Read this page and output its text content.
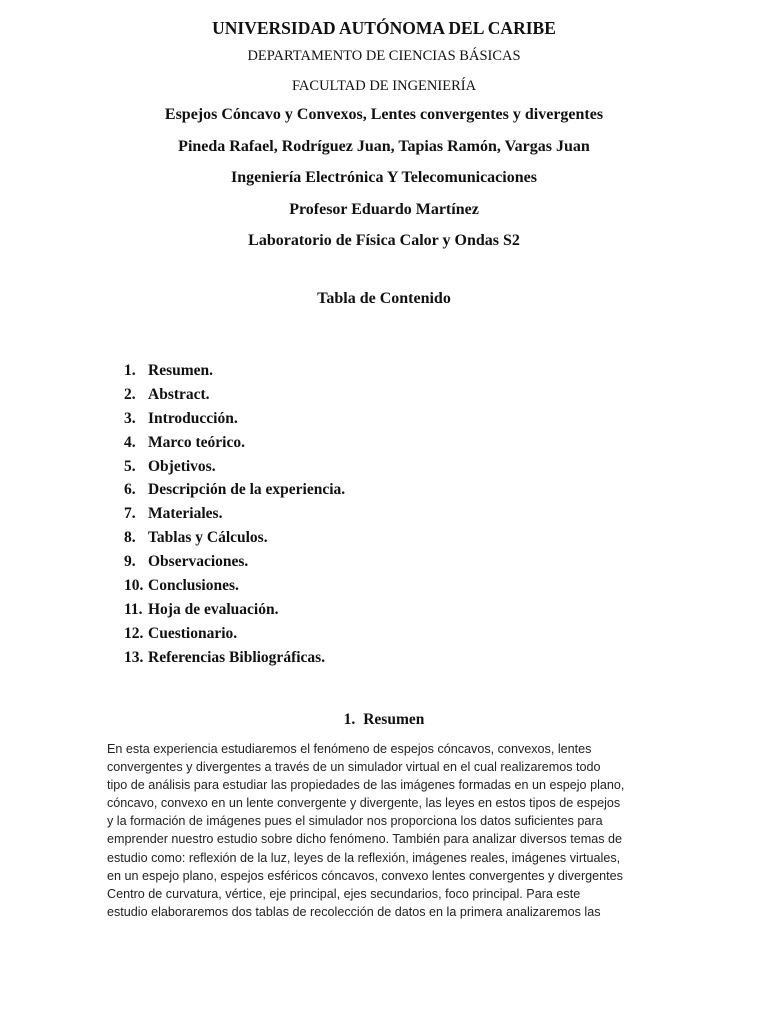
UNIVERSIDAD AUTÓNOMA DEL CARIBE
DEPARTAMENTO DE CIENCIAS BÁSICAS
FACULTAD DE INGENIERÍA
Espejos Cóncavo y Convexos, Lentes convergentes y divergentes
Pineda Rafael, Rodríguez Juan, Tapias Ramón, Vargas Juan
Ingeniería Electrónica Y Telecomunicaciones
Profesor Eduardo Martínez
Laboratorio de Física Calor y Ondas S2
Tabla de Contenido
1. Resumen.
2. Abstract.
3. Introducción.
4. Marco teórico.
5. Objetivos.
6. Descripción de la experiencia.
7. Materiales.
8. Tablas y Cálculos.
9. Observaciones.
10. Conclusiones.
11. Hoja de evaluación.
12. Cuestionario.
13. Referencias Bibliográficas.
1. Resumen
En esta experiencia estudiaremos el fenómeno de espejos cóncavos, convexos, lentes
convergentes y divergentes a través de un simulador virtual en el cual realizaremos todo
tipo de análisis para estudiar las propiedades de las imágenes formadas en un espejo plano,
cóncavo, convexo en un lente convergente y divergente, las leyes en estos tipos de espejos
y la formación de imágenes pues el simulador nos proporciona los datos suficientes para
emprender nuestro estudio sobre dicho fenómeno. También para analizar diversos temas de
estudio como: reflexión de la luz, leyes de la reflexión, imágenes reales, imágenes virtuales,
en un espejo plano, espejos esféricos cóncavos, convexo lentes convergentes y divergentes
Centro de curvatura, vértice, eje principal, ejes secundarios, foco principal. Para este
estudio elaboraremos dos tablas de recolección de datos en la primera analizaremos las
